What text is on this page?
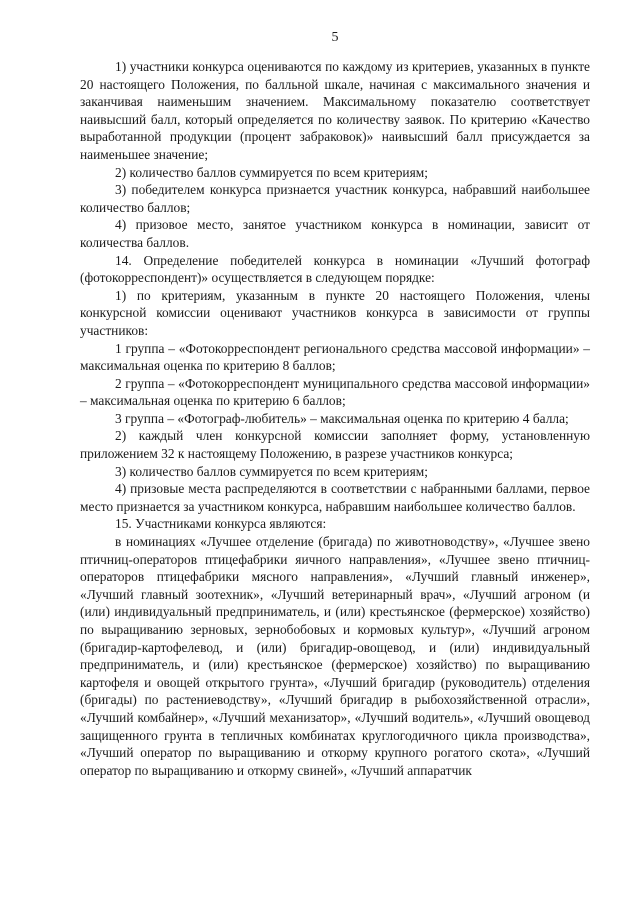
5

1) участники конкурса оцениваются по каждому из критериев, указанных в пункте 20 настоящего Положения, по балльной шкале, начиная с максимального значения и заканчивая наименьшим значением. Максимальному показателю соответствует наивысший балл, который определяется по количеству заявок. По критерию «Качество выработанной продукции (процент забраковок)» наивысший балл присуждается за наименьшее значение;

2) количество баллов суммируется по всем критериям;

3) победителем конкурса признается участник конкурса, набравший наибольшее количество баллов;

4) призовое место, занятое участником конкурса в номинации, зависит от количества баллов.

14. Определение победителей конкурса в номинации «Лучший фотограф (фотокорреспондент)» осуществляется в следующем порядке:

1) по критериям, указанным в пункте 20 настоящего Положения, члены конкурсной комиссии оценивают участников конкурса в зависимости от группы участников:

1 группа – «Фотокорреспондент регионального средства массовой информации» – максимальная оценка по критерию 8 баллов;

2 группа – «Фотокорреспондент муниципального средства массовой информации» – максимальная оценка по критерию 6 баллов;

3 группа – «Фотограф-любитель» – максимальная оценка по критерию 4 балла;

2) каждый член конкурсной комиссии заполняет форму, установленную приложением 32 к настоящему Положению, в разрезе участников конкурса;

3) количество баллов суммируется по всем критериям;

4) призовые места распределяются в соответствии с набранными баллами, первое место признается за участником конкурса, набравшим наибольшее количество баллов.

15. Участниками конкурса являются:

в номинациях «Лучшее отделение (бригада) по животноводству», «Лучшее звено птичниц-операторов птицефабрики яичного направления», «Лучшее звено птичниц-операторов птицефабрики мясного направления», «Лучший главный инженер», «Лучший главный зоотехник», «Лучший ветеринарный врач», «Лучший агроном (и (или) индивидуальный предприниматель, и (или) крестьянское (фермерское) хозяйство) по выращиванию зерновых, зернобобовых и кормовых культур», «Лучший агроном (бригадир-картофелевод, и (или) бригадир-овощевод, и (или) индивидуальный предприниматель, и (или) крестьянское (фермерское) хозяйство) по выращиванию картофеля и овощей открытого грунта», «Лучший бригадир (руководитель) отделения (бригады) по растениеводству», «Лучший бригадир в рыбохозяйственной отрасли», «Лучший комбайнер», «Лучший механизатор», «Лучший водитель», «Лучший овощевод защищенного грунта в тепличных комбинатах круглогодичного цикла производства», «Лучший оператор по выращиванию и откорму крупного рогатого скота», «Лучший оператор по выращиванию и откорму свиней», «Лучший аппаратчик
